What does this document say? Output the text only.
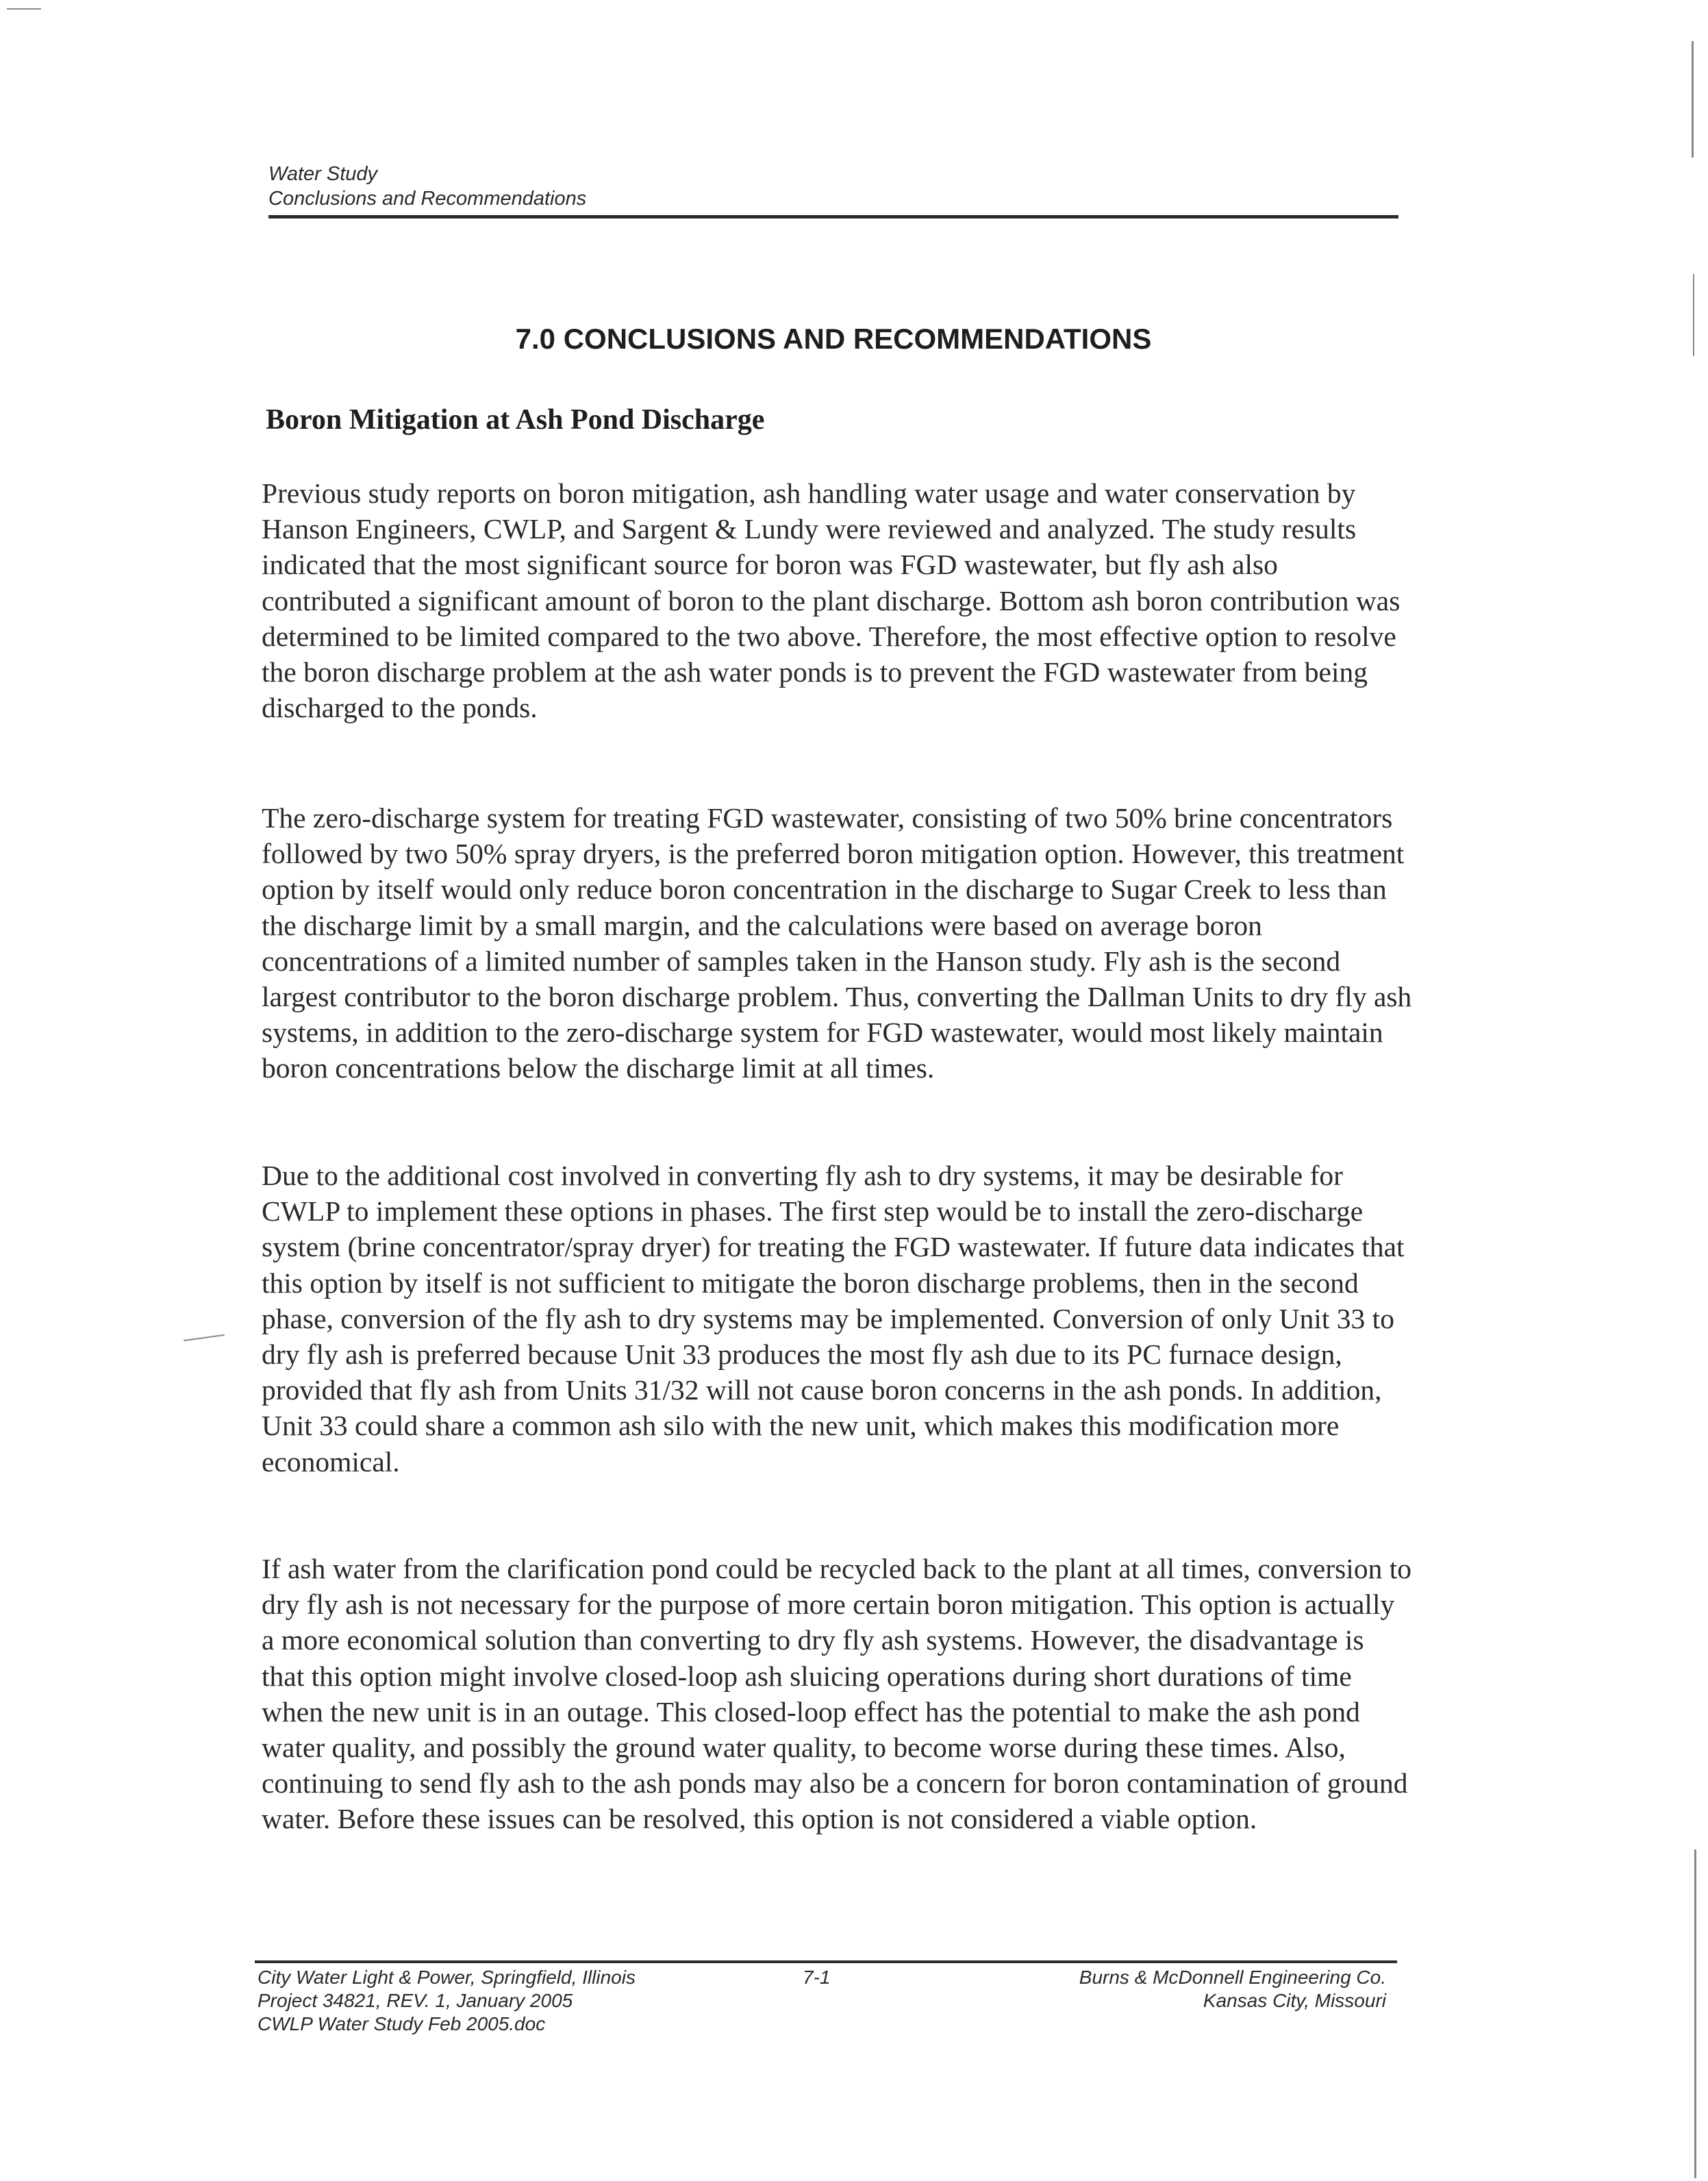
Water Study
Conclusions and Recommendations
7.0 CONCLUSIONS AND RECOMMENDATIONS
Boron Mitigation at Ash Pond Discharge

Previous study reports on boron mitigation, ash handling water usage and water conservation by Hanson Engineers, CWLP, and Sargent & Lundy were reviewed and analyzed. The study results indicated that the most significant source for boron was FGD wastewater, but fly ash also contributed a significant amount of boron to the plant discharge. Bottom ash boron contribution was determined to be limited compared to the two above. Therefore, the most effective option to resolve the boron discharge problem at the ash water ponds is to prevent the FGD wastewater from being discharged to the ponds.

The zero-discharge system for treating FGD wastewater, consisting of two 50% brine concentrators followed by two 50% spray dryers, is the preferred boron mitigation option. However, this treatment option by itself would only reduce boron concentration in the discharge to Sugar Creek to less than the discharge limit by a small margin, and the calculations were based on average boron concentrations of a limited number of samples taken in the Hanson study. Fly ash is the second largest contributor to the boron discharge problem. Thus, converting the Dallman Units to dry fly ash systems, in addition to the zero-discharge system for FGD wastewater, would most likely maintain boron concentrations below the discharge limit at all times.

Due to the additional cost involved in converting fly ash to dry systems, it may be desirable for CWLP to implement these options in phases. The first step would be to install the zero-discharge system (brine concentrator/spray dryer) for treating the FGD wastewater. If future data indicates that this option by itself is not sufficient to mitigate the boron discharge problems, then in the second phase, conversion of the fly ash to dry systems may be implemented. Conversion of only Unit 33 to dry fly ash is preferred because Unit 33 produces the most fly ash due to its PC furnace design, provided that fly ash from Units 31/32 will not cause boron concerns in the ash ponds. In addition, Unit 33 could share a common ash silo with the new unit, which makes this modification more economical.

If ash water from the clarification pond could be recycled back to the plant at all times, conversion to dry fly ash is not necessary for the purpose of more certain boron mitigation. This option is actually a more economical solution than converting to dry fly ash systems. However, the disadvantage is that this option might involve closed-loop ash sluicing operations during short durations of time when the new unit is in an outage. This closed-loop effect has the potential to make the ash pond water quality, and possibly the ground water quality, to become worse during these times. Also, continuing to send fly ash to the ash ponds may also be a concern for boron contamination of ground water. Before these issues can be resolved, this option is not considered a viable option.

City Water Light & Power, Springfield, Illinois
Project 34821, REV. 1, January 2005
CWLP Water Study Feb 2005.doc
7-1	Burns & McDonnell Engineering Co.
Kansas City, Missouri
